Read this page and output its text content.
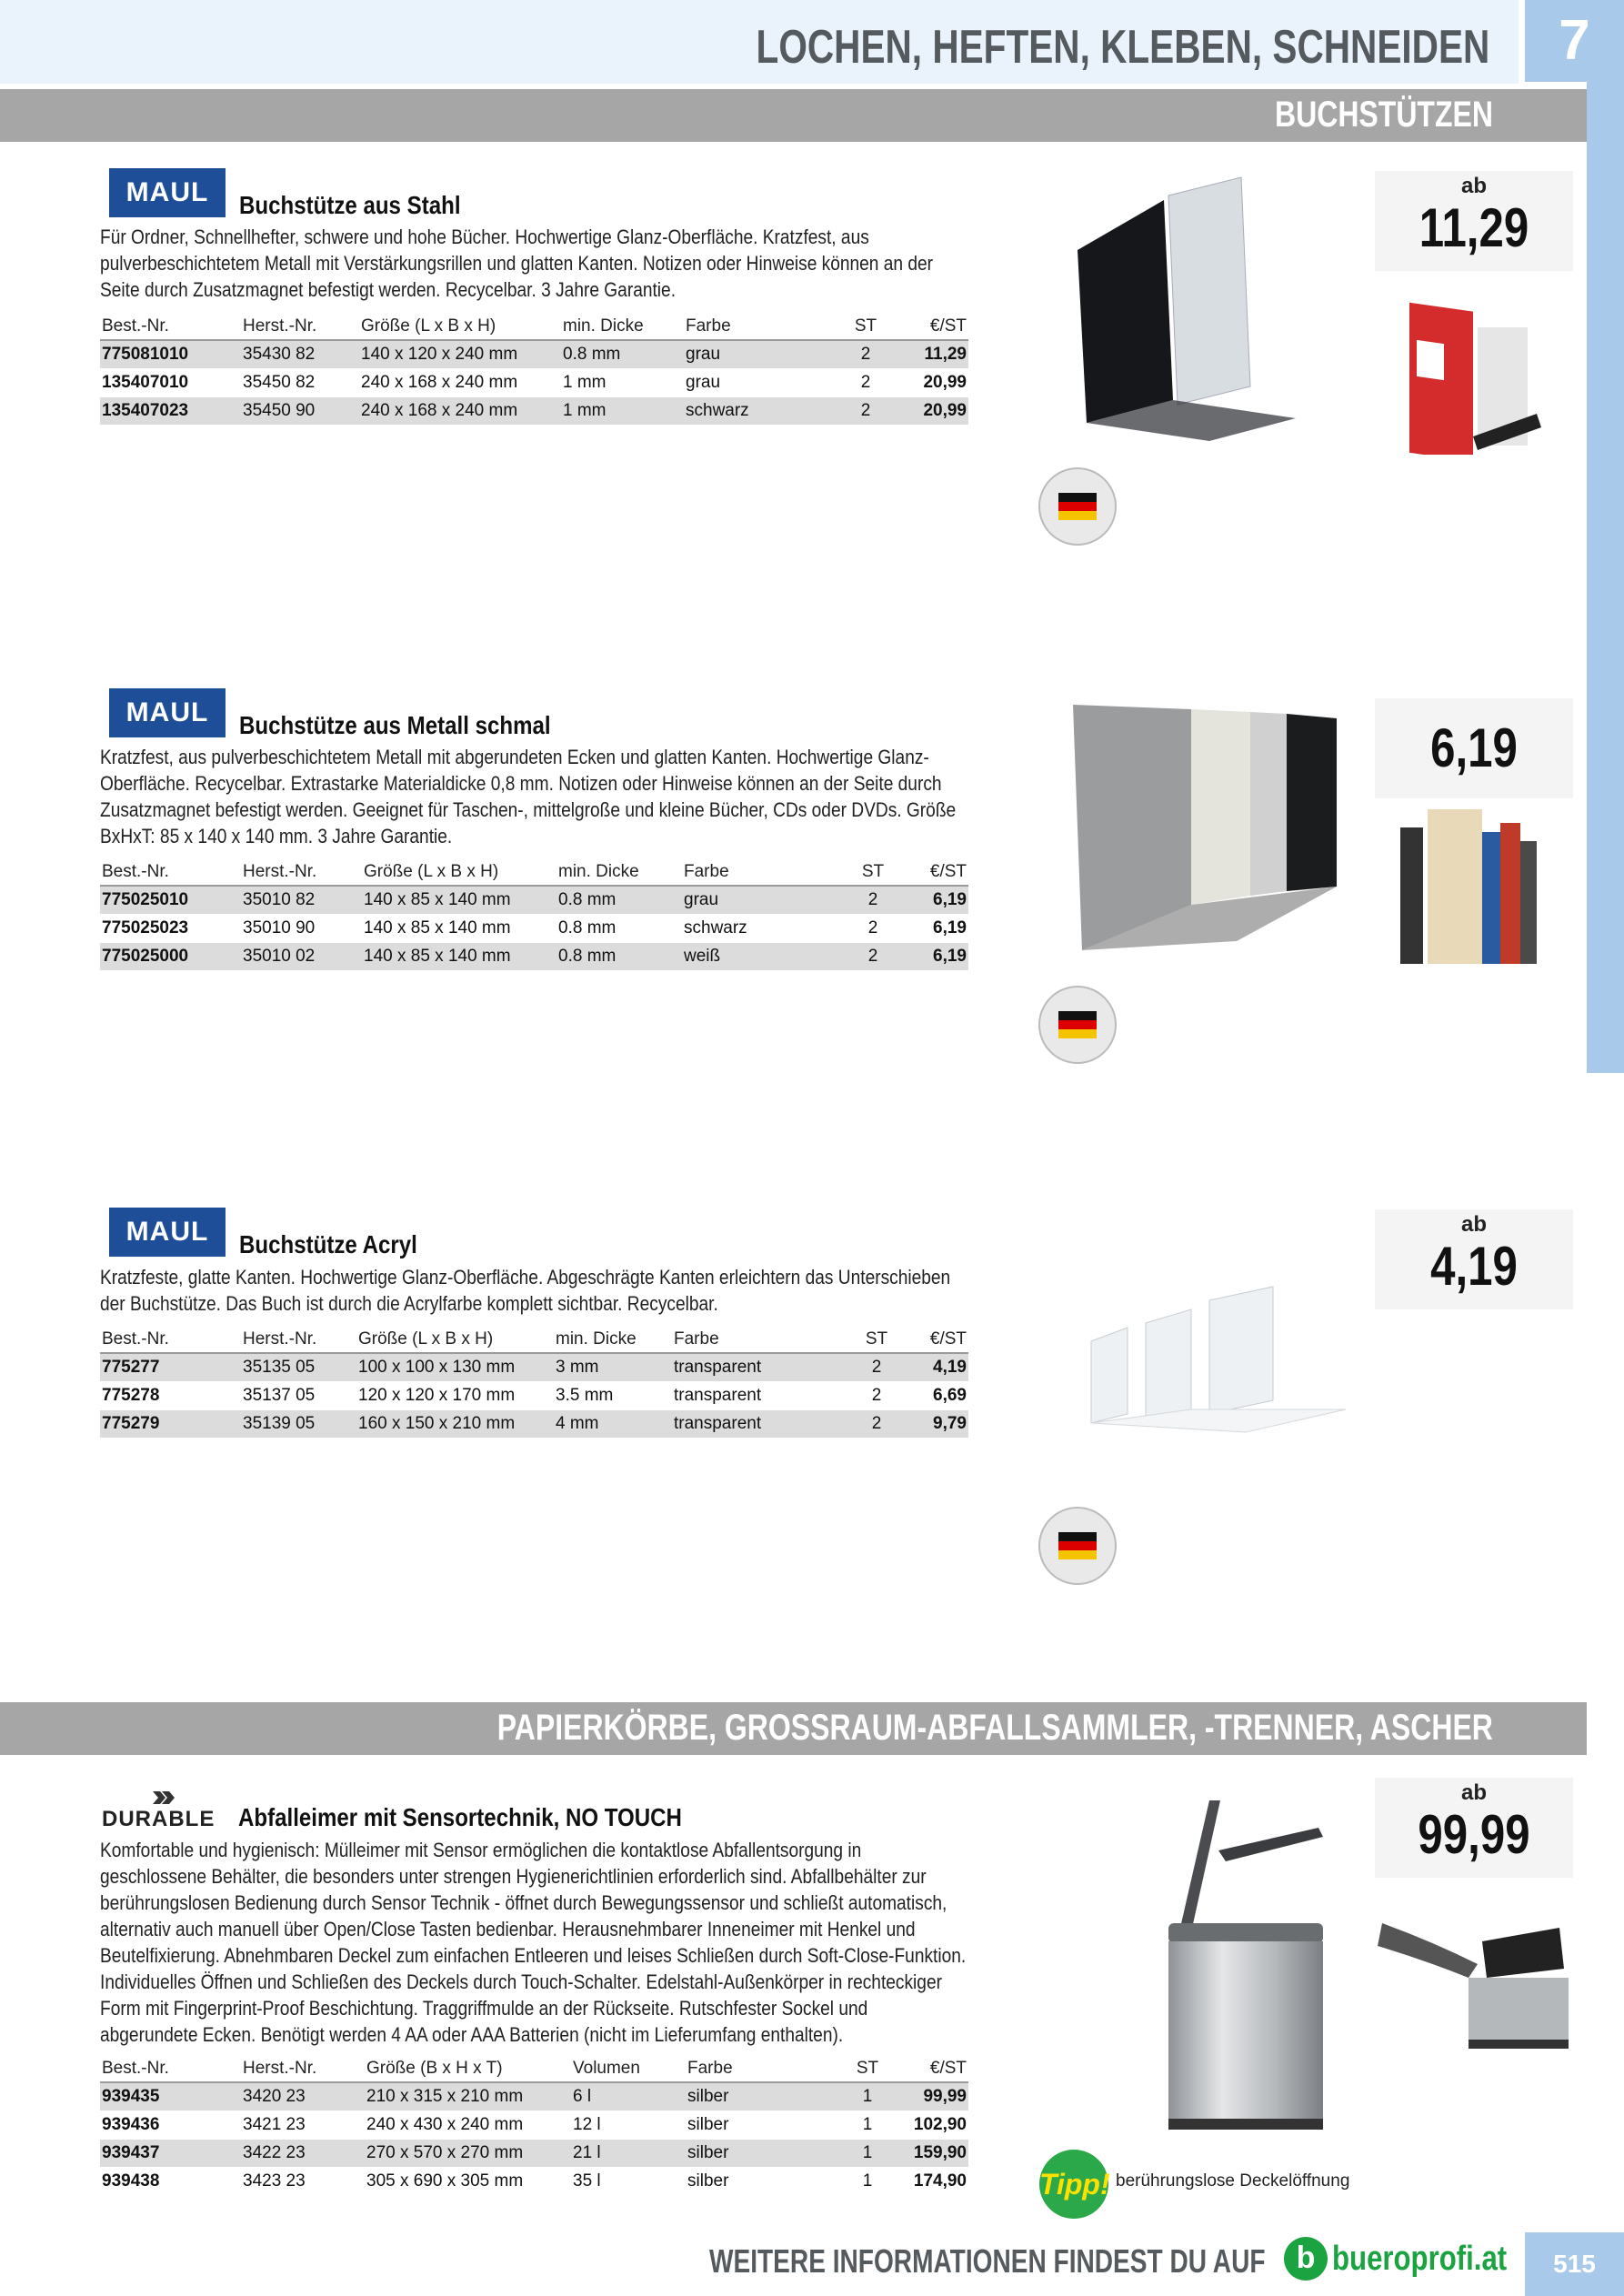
LOCHEN, HEFTEN, KLEBEN, SCHNEIDEN	7
BUCHSTÜTZEN
MAUL	Buchstütze aus Stahl
Für Ordner, Schnellhefter, schwere und hohe Bücher. Hochwertige Glanz-Oberfläche. Kratzfest, aus pulverbeschichtetem Metall mit Verstärkungsrillen und glatten Kanten. Notizen oder Hinweise können an der Seite durch Zusatzmagnet befestigt werden. Recycelbar. 3 Jahre Garantie.
Best.-Nr.	Herst.-Nr.	Größe (L x B x H)	min. Dicke	Farbe	ST	€/ST
775081010	35430 82	140 x 120 x 240 mm	0.8 mm	grau	2	11,29
135407010	35450 82	240 x 168 x 240 mm	1 mm	grau	2	20,99
135407023	35450 90	240 x 168 x 240 mm	1 mm	schwarz	2	20,99
ab
11,29
MAUL	Buchstütze aus Metall schmal
Kratzfest, aus pulverbeschichtetem Metall mit abgerundeten Ecken und glatten Kanten. Hochwertige Glanz-Oberfläche. Recycelbar. Extrastarke Materialdicke 0,8 mm. Notizen oder Hinweise können an der Seite durch Zusatzmagnet befestigt werden. Geeignet für Taschen-, mittelgroße und kleine Bücher, CDs oder DVDs. Größe BxHxT: 85 x 140 x 140 mm. 3 Jahre Garantie.
Best.-Nr.	Herst.-Nr.	Größe (L x B x H)	min. Dicke	Farbe	ST	€/ST
775025010	35010 82	140 x 85 x 140 mm	0.8 mm	grau	2	6,19
775025023	35010 90	140 x 85 x 140 mm	0.8 mm	schwarz	2	6,19
775025000	35010 02	140 x 85 x 140 mm	0.8 mm	weiß	2	6,19
6,19
MAUL	Buchstütze Acryl
Kratzfeste, glatte Kanten. Hochwertige Glanz-Oberfläche. Abgeschrägte Kanten erleichtern das Unterschieben der Buchstütze. Das Buch ist durch die Acrylfarbe komplett sichtbar. Recycelbar.
Best.-Nr.	Herst.-Nr.	Größe (L x B x H)	min. Dicke	Farbe	ST	€/ST
775277	35135 05	100 x 100 x 130 mm	3 mm	transparent	2	4,19
775278	35137 05	120 x 120 x 170 mm	3.5 mm	transparent	2	6,69
775279	35139 05	160 x 150 x 210 mm	4 mm	transparent	2	9,79
ab
4,19
PAPIERKÖRBE, GROSSRAUM-ABFALLSAMMLER, -TRENNER, ASCHER
DURABLE Abfalleimer mit Sensortechnik, NO TOUCH
Komfortable und hygienisch: Mülleimer mit Sensor ermöglichen die kontaktlose Abfallentsorgung in geschlossene Behälter, die besonders unter strengen Hygienerichtlinien erforderlich sind. Abfallbehälter zur berührungslosen Bedienung durch Sensor Technik - öffnet durch Bewegungssensor und schließt automatisch, alternativ auch manuell über Open/Close Tasten bedienbar. Herausnehmbarer Inneneimer mit Henkel und Beutelfixierung. Abnehmbaren Deckel zum einfachen Entleeren und leises Schließen durch Soft-Close-Funktion. Individuelles Öffnen und Schließen des Deckels durch Touch-Schalter. Edelstahl-Außenkörper in rechteckiger Form mit Fingerprint-Proof Beschichtung. Traggriffmulde an der Rückseite. Rutschfester Sockel und abgerundete Ecken. Benötigt werden 4 AA oder AAA Batterien (nicht im Lieferumfang enthalten).
Best.-Nr.	Herst.-Nr.	Größe (B x H x T)	Volumen	Farbe	ST	€/ST
939435	3420 23	210 x 315 x 210 mm	6 l	silber	1	99,99
939436	3421 23	240 x 430 x 240 mm	12 l	silber	1	102,90
939437	3422 23	270 x 570 x 270 mm	21 l	silber	1	159,90
939438	3423 23	305 x 690 x 305 mm	35 l	silber	1	174,90
ab
99,99
Tipp! berührungslose Deckelöffnung
WEITERE INFORMATIONEN FINDEST DU AUF	b bueroprofi.at	515
